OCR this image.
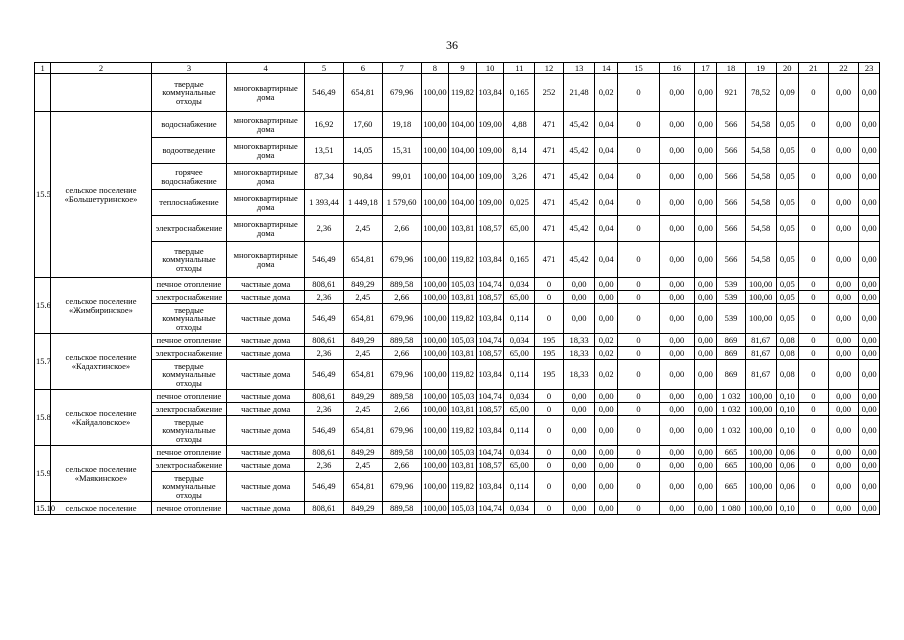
36
1	2	3	4	5	6	7	8	9	10	11	12	13	14	15	16	17	18	19	20	21	22	23
		твердые коммунальные отходы	многоквартирные дома	546,49	654,81	679,96	100,00	119,82	103,84	0,165	252	21,48	0,02	0	0,00	0,00	921	78,52	0,09	0	0,00	0,00
15.5	сельское поселение «Большетуринское»	водоснабжение	многоквартирные дома	16,92	17,60	19,18	100,00	104,00	109,00	4,88	471	45,42	0,04	0	0,00	0,00	566	54,58	0,05	0	0,00	0,00
		водоотведение	многоквартирные дома	13,51	14,05	15,31	100,00	104,00	109,00	8,14	471	45,42	0,04	0	0,00	0,00	566	54,58	0,05	0	0,00	0,00
		горячее водоснабжение	многоквартирные дома	87,34	90,84	99,01	100,00	104,00	109,00	3,26	471	45,42	0,04	0	0,00	0,00	566	54,58	0,05	0	0,00	0,00
		теплоснабжение	многоквартирные дома	1 393,44	1 449,18	1 579,60	100,00	104,00	109,00	0,025	471	45,42	0,04	0	0,00	0,00	566	54,58	0,05	0	0,00	0,00
		электроснабжение	многоквартирные дома	2,36	2,45	2,66	100,00	103,81	108,57	65,00	471	45,42	0,04	0	0,00	0,00	566	54,58	0,05	0	0,00	0,00
		твердые коммунальные отходы	многоквартирные дома	546,49	654,81	679,96	100,00	119,82	103,84	0,165	471	45,42	0,04	0	0,00	0,00	566	54,58	0,05	0	0,00	0,00
15.6	сельское поселение «Жимбиринское»	печное отопление	частные дома	808,61	849,29	889,58	100,00	105,03	104,74	0,034	0	0,00	0,00	0	0,00	0,00	539	100,00	0,05	0	0,00	0,00
		электроснабжение	частные дома	2,36	2,45	2,66	100,00	103,81	108,57	65,00	0	0,00	0,00	0	0,00	0,00	539	100,00	0,05	0	0,00	0,00
		твердые коммунальные отходы	частные дома	546,49	654,81	679,96	100,00	119,82	103,84	0,114	0	0,00	0,00	0	0,00	0,00	539	100,00	0,05	0	0,00	0,00
15.7	сельское поселение «Кадахтинское»	печное отопление	частные дома	808,61	849,29	889,58	100,00	105,03	104,74	0,034	195	18,33	0,02	0	0,00	0,00	869	81,67	0,08	0	0,00	0,00
		электроснабжение	частные дома	2,36	2,45	2,66	100,00	103,81	108,57	65,00	195	18,33	0,02	0	0,00	0,00	869	81,67	0,08	0	0,00	0,00
		твердые коммунальные отходы	частные дома	546,49	654,81	679,96	100,00	119,82	103,84	0,114	195	18,33	0,02	0	0,00	0,00	869	81,67	0,08	0	0,00	0,00
15.8	сельское поселение «Кайдаловское»	печное отопление	частные дома	808,61	849,29	889,58	100,00	105,03	104,74	0,034	0	0,00	0,00	0	0,00	0,00	1 032	100,00	0,10	0	0,00	0,00
		электроснабжение	частные дома	2,36	2,45	2,66	100,00	103,81	108,57	65,00	0	0,00	0,00	0	0,00	0,00	1 032	100,00	0,10	0	0,00	0,00
		твердые коммунальные отходы	частные дома	546,49	654,81	679,96	100,00	119,82	103,84	0,114	0	0,00	0,00	0	0,00	0,00	1 032	100,00	0,10	0	0,00	0,00
15.9	сельское поселение «Маякинское»	печное отопление	частные дома	808,61	849,29	889,58	100,00	105,03	104,74	0,034	0	0,00	0,00	0	0,00	0,00	665	100,00	0,06	0	0,00	0,00
		электроснабжение	частные дома	2,36	2,45	2,66	100,00	103,81	108,57	65,00	0	0,00	0,00	0	0,00	0,00	665	100,00	0,06	0	0,00	0,00
		твердые коммунальные отходы	частные дома	546,49	654,81	679,96	100,00	119,82	103,84	0,114	0	0,00	0,00	0	0,00	0,00	665	100,00	0,06	0	0,00	0,00
15.10	сельское поселение	печное отопление	частные дома	808,61	849,29	889,58	100,00	105,03	104,74	0,034	0	0,00	0,00	0	0,00	0,00	1 080	100,00	0,10	0	0,00	0,00
